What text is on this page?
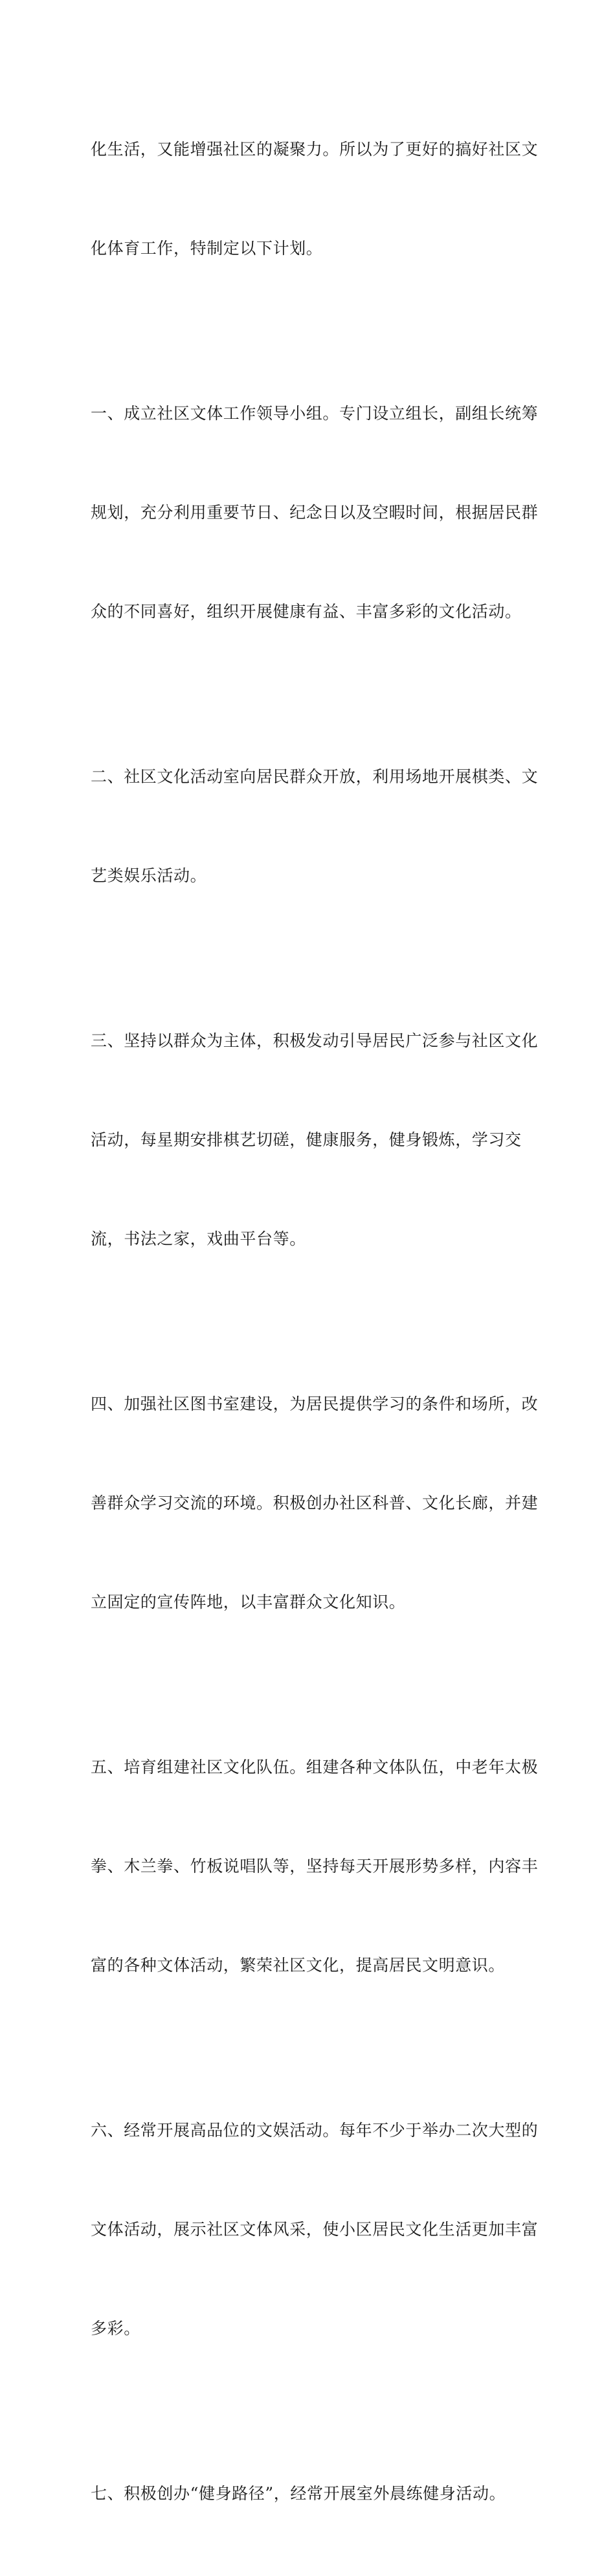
化生活，又能增强社区的凝聚力。所以为了更好的搞好社区文

化体育工作，特制定以下计划。

一、成立社区文体工作领导小组。专门设立组长，副组长统筹

规划，充分利用重要节日、纪念日以及空暇时间，根据居民群

众的不同喜好，组织开展健康有益、丰富多彩的文化活动。

二、社区文化活动室向居民群众开放，利用场地开展棋类、文

艺类娱乐活动。

三、坚持以群众为主体，积极发动引导居民广泛参与社区文化

活动，每星期安排棋艺切磋，健康服务，健身锻炼，学习交

流，书法之家，戏曲平台等。

四、加强社区图书室建设，为居民提供学习的条件和场所，改

善群众学习交流的环境。积极创办社区科普、文化长廊，并建

立固定的宣传阵地，以丰富群众文化知识。

五、培育组建社区文化队伍。组建各种文体队伍，中老年太极

拳、木兰拳、竹板说唱队等，坚持每天开展形势多样，内容丰

富的各种文体活动，繁荣社区文化，提高居民文明意识。

六、经常开展高品位的文娱活动。每年不少于举办二次大型的

文体活动，展示社区文体风采，使小区居民文化生活更加丰富

多彩。

七、积极创办“健身路径”，经常开展室外晨练健身活动。
